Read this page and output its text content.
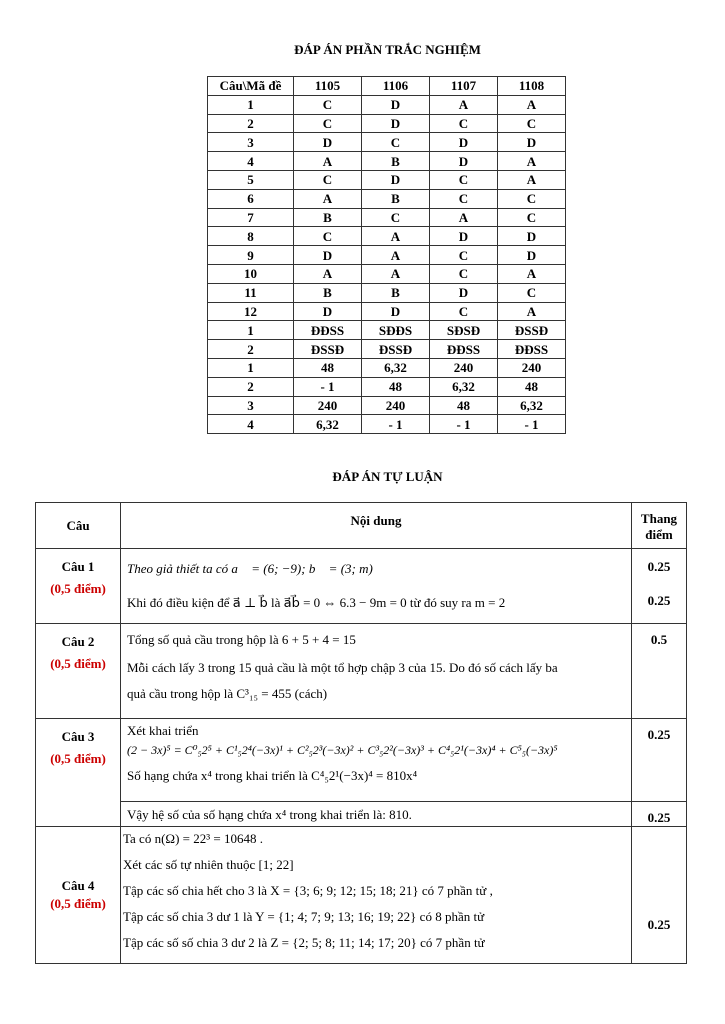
ĐÁP ÁN PHẦN TRẮC NGHIỆM
Câu\Mã đề	1105	1106	1107	1108
1	C	D	A	A
2	C	D	C	C
3	D	C	D	D
4	A	B	D	A
5	C	D	C	A
6	A	B	C	C
7	B	C	A	C
8	C	A	D	D
9	D	A	C	D
10	A	A	C	A
11	B	B	D	C
12	D	D	C	A
1	ĐĐSS	SĐĐS	SĐSĐ	ĐSSĐ
2	ĐSSĐ	ĐSSĐ	ĐĐSS	ĐĐSS
1	48	6,32	240	240
2	- 1	48	6,32	48
3	240	240	48	6,32
4	6,32	- 1	- 1	- 1
ĐÁP ÁN TỰ LUẬN
Câu	Nội dung	Thang
điểm

Câu 1
(0,5 điểm)	Theo giả thiết ta có a⃗ = (6; −9); b⃗ = (3; m)
Khi đó điều kiện để a⃗ ⊥ b⃗ là a⃗b⃗ = 0 ⇔ 6.3 − 9m = 0 từ đó suy ra m = 2	0.25
0.25

Câu 2
(0,5 điểm)	Tổng số quả cầu trong hộp là 6 + 5 + 4 = 15
Mỗi cách lấy 3 trong 15 quả cầu là một tổ hợp chập 3 của 15. Do đó số cách lấy ba
quả cầu trong hộp là C³₁₅ = 455 (cách)	0.5

Câu 3
(0,5 điểm)	Xét khai triển
(2 − 3x)⁵ = C⁰₅2⁵ + C¹₅2⁴(−3x)¹ + C²₅2³(−3x)² + C³₅2²(−3x)³ + C⁴₅2¹(−3x)⁴ + C⁵₅(−3x)⁵
Số hạng chứa x⁴ trong khai triển là C⁴₅2¹(−3x)⁴ = 810x⁴	0.25

	Vậy hệ số của số hạng chứa x⁴ trong khai triển là: 810.	0.25

Câu 4
(0,5 điểm)	Ta có n(Ω) = 22³ = 10648 .
Xét các số tự nhiên thuộc [1; 22]
Tập các số chia hết cho 3 là X = {3; 6; 9; 12; 15; 18; 21} có 7 phần tử ,
Tập các số chia 3 dư 1 là Y = {1; 4; 7; 9; 13; 16; 19; 22} có 8 phần tử
Tập các số số chia 3 dư 2 là Z = {2; 5; 8; 11; 14; 17; 20} có 7 phần tử	0.25
